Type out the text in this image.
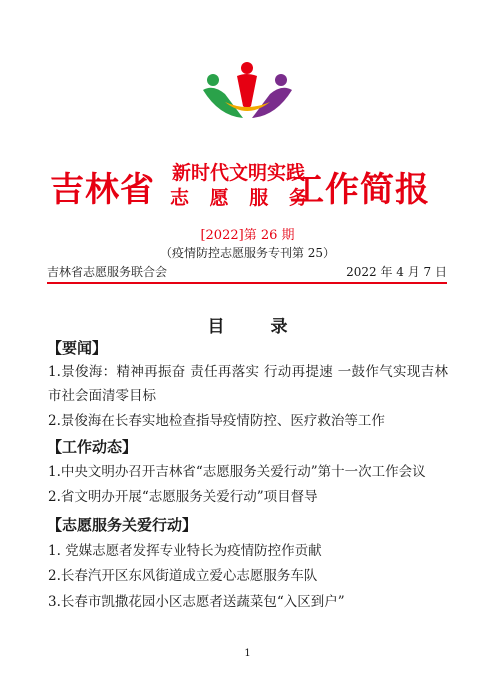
吉林省 新时代文明实践
志 愿 服 务
工作简报
[2022]第 26 期
（疫情防控志愿服务专刊第 25）
吉林省志愿服务联合会	2022 年 4 月 7 日
目 录
【要闻】
1.景俊海：精神再振奋 责任再落实 行动再提速 一鼓作气实现吉林市社会面清零目标
2.景俊海在长春实地检查指导疫情防控、医疗救治等工作
【工作动态】
1.中央文明办召开吉林省“志愿服务关爱行动”第十一次工作会议
2.省文明办开展“志愿服务关爱行动”项目督导
【志愿服务关爱行动】
1. 党媒志愿者发挥专业特长为疫情防控作贡献
2.长春汽开区东风街道成立爱心志愿服务车队
3.长春市凯撒花园小区志愿者送蔬菜包“入区到户”
1
